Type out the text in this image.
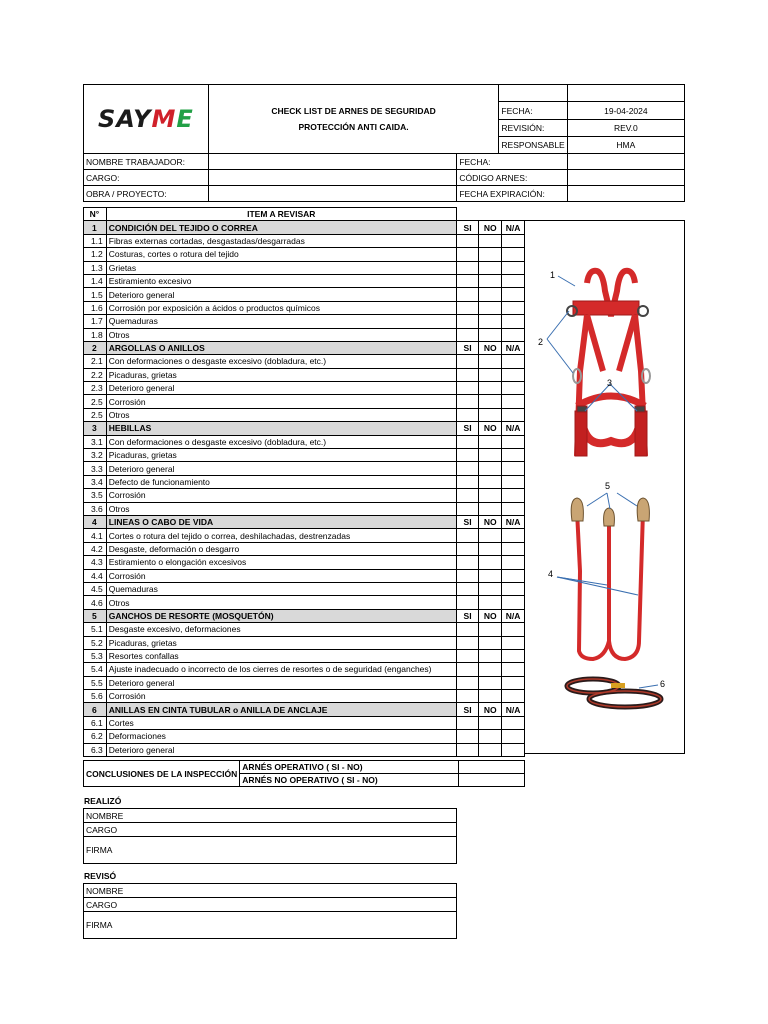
SAYME	CHECK LIST DE ARNES DE SEGURIDAD
PROTECCIÓN ANTI CAIDA.		

		FECHA:	19-04-2024
		REVISIÓN:	REV.0
		RESPONSABLE	HMA
NOMBRE TRABAJADOR:		FECHA:	
CARGO:		CÓDIGO ARNES:	
OBRA / PROYECTO:		FECHA EXPIRACIÓN:	
N°	ITEM A REVISAR			
1	CONDICIÓN DEL TEJIDO O CORREA	SI	NO	N/A
1.1	Fibras externas cortadas, desgastadas/desgarradas			
1.2	Costuras, cortes o rotura del tejido			
1.3	Grietas			
1.4	Estiramiento excesivo			
1.5	Deterioro general			
1.6	Corrosión por exposición a ácidos o productos químicos			
1.7	Quemaduras			
1.8	Otros			
2	ARGOLLAS O ANILLOS	SI	NO	N/A
2.1	Con deformaciones o desgaste excesivo (dobladura, etc.)			
2.2	Picaduras, grietas			
2.3	Deterioro general			
2.5	Corrosión			
2.5	Otros			
3	HEBILLAS	SI	NO	N/A
3.1	Con deformaciones o desgaste excesivo (dobladura, etc.)			
3.2	Picaduras, grietas			
3.3	Deterioro general			
3.4	Defecto de funcionamiento			
3.5	Corrosión			
3.6	Otros			
4	LINEAS O CABO DE VIDA	SI	NO	N/A
4.1	Cortes o rotura del tejido o correa, deshilachadas, destrenzadas			
4.2	Desgaste, deformación o desgarro			
4.3	Estiramiento o elongación excesivos			
4.4	Corrosión			
4.5	Quemaduras			
4.6	Otros			
5	GANCHOS DE RESORTE (MOSQUETÓN)	SI	NO	N/A
5.1	Desgaste excesivo, deformaciones			
5.2	Picaduras, grietas			
5.3	Resortes confallas			
5.4	Ajuste inadecuado o incorrecto de los cierres de resortes o de seguridad (enganches)			
5.5	Deterioro general			
5.6	Corrosión			
6	ANILLAS EN CINTA TUBULAR o ANILLA DE ANCLAJE	SI	NO	N/A
6.1	Cortes			
6.2	Deformaciones			
6.3	Deterioro general			
1
2
3
5
4
6
CONCLUSIONES DE LA INSPECCIÓN	ARNÉS OPERATIVO ( SI - NO)	
	ARNÉS NO OPERATIVO ( SI - NO)	
REALIZÓ
NOMBRE
CARGO
FIRMA
REVISÓ
NOMBRE
CARGO
FIRMA
